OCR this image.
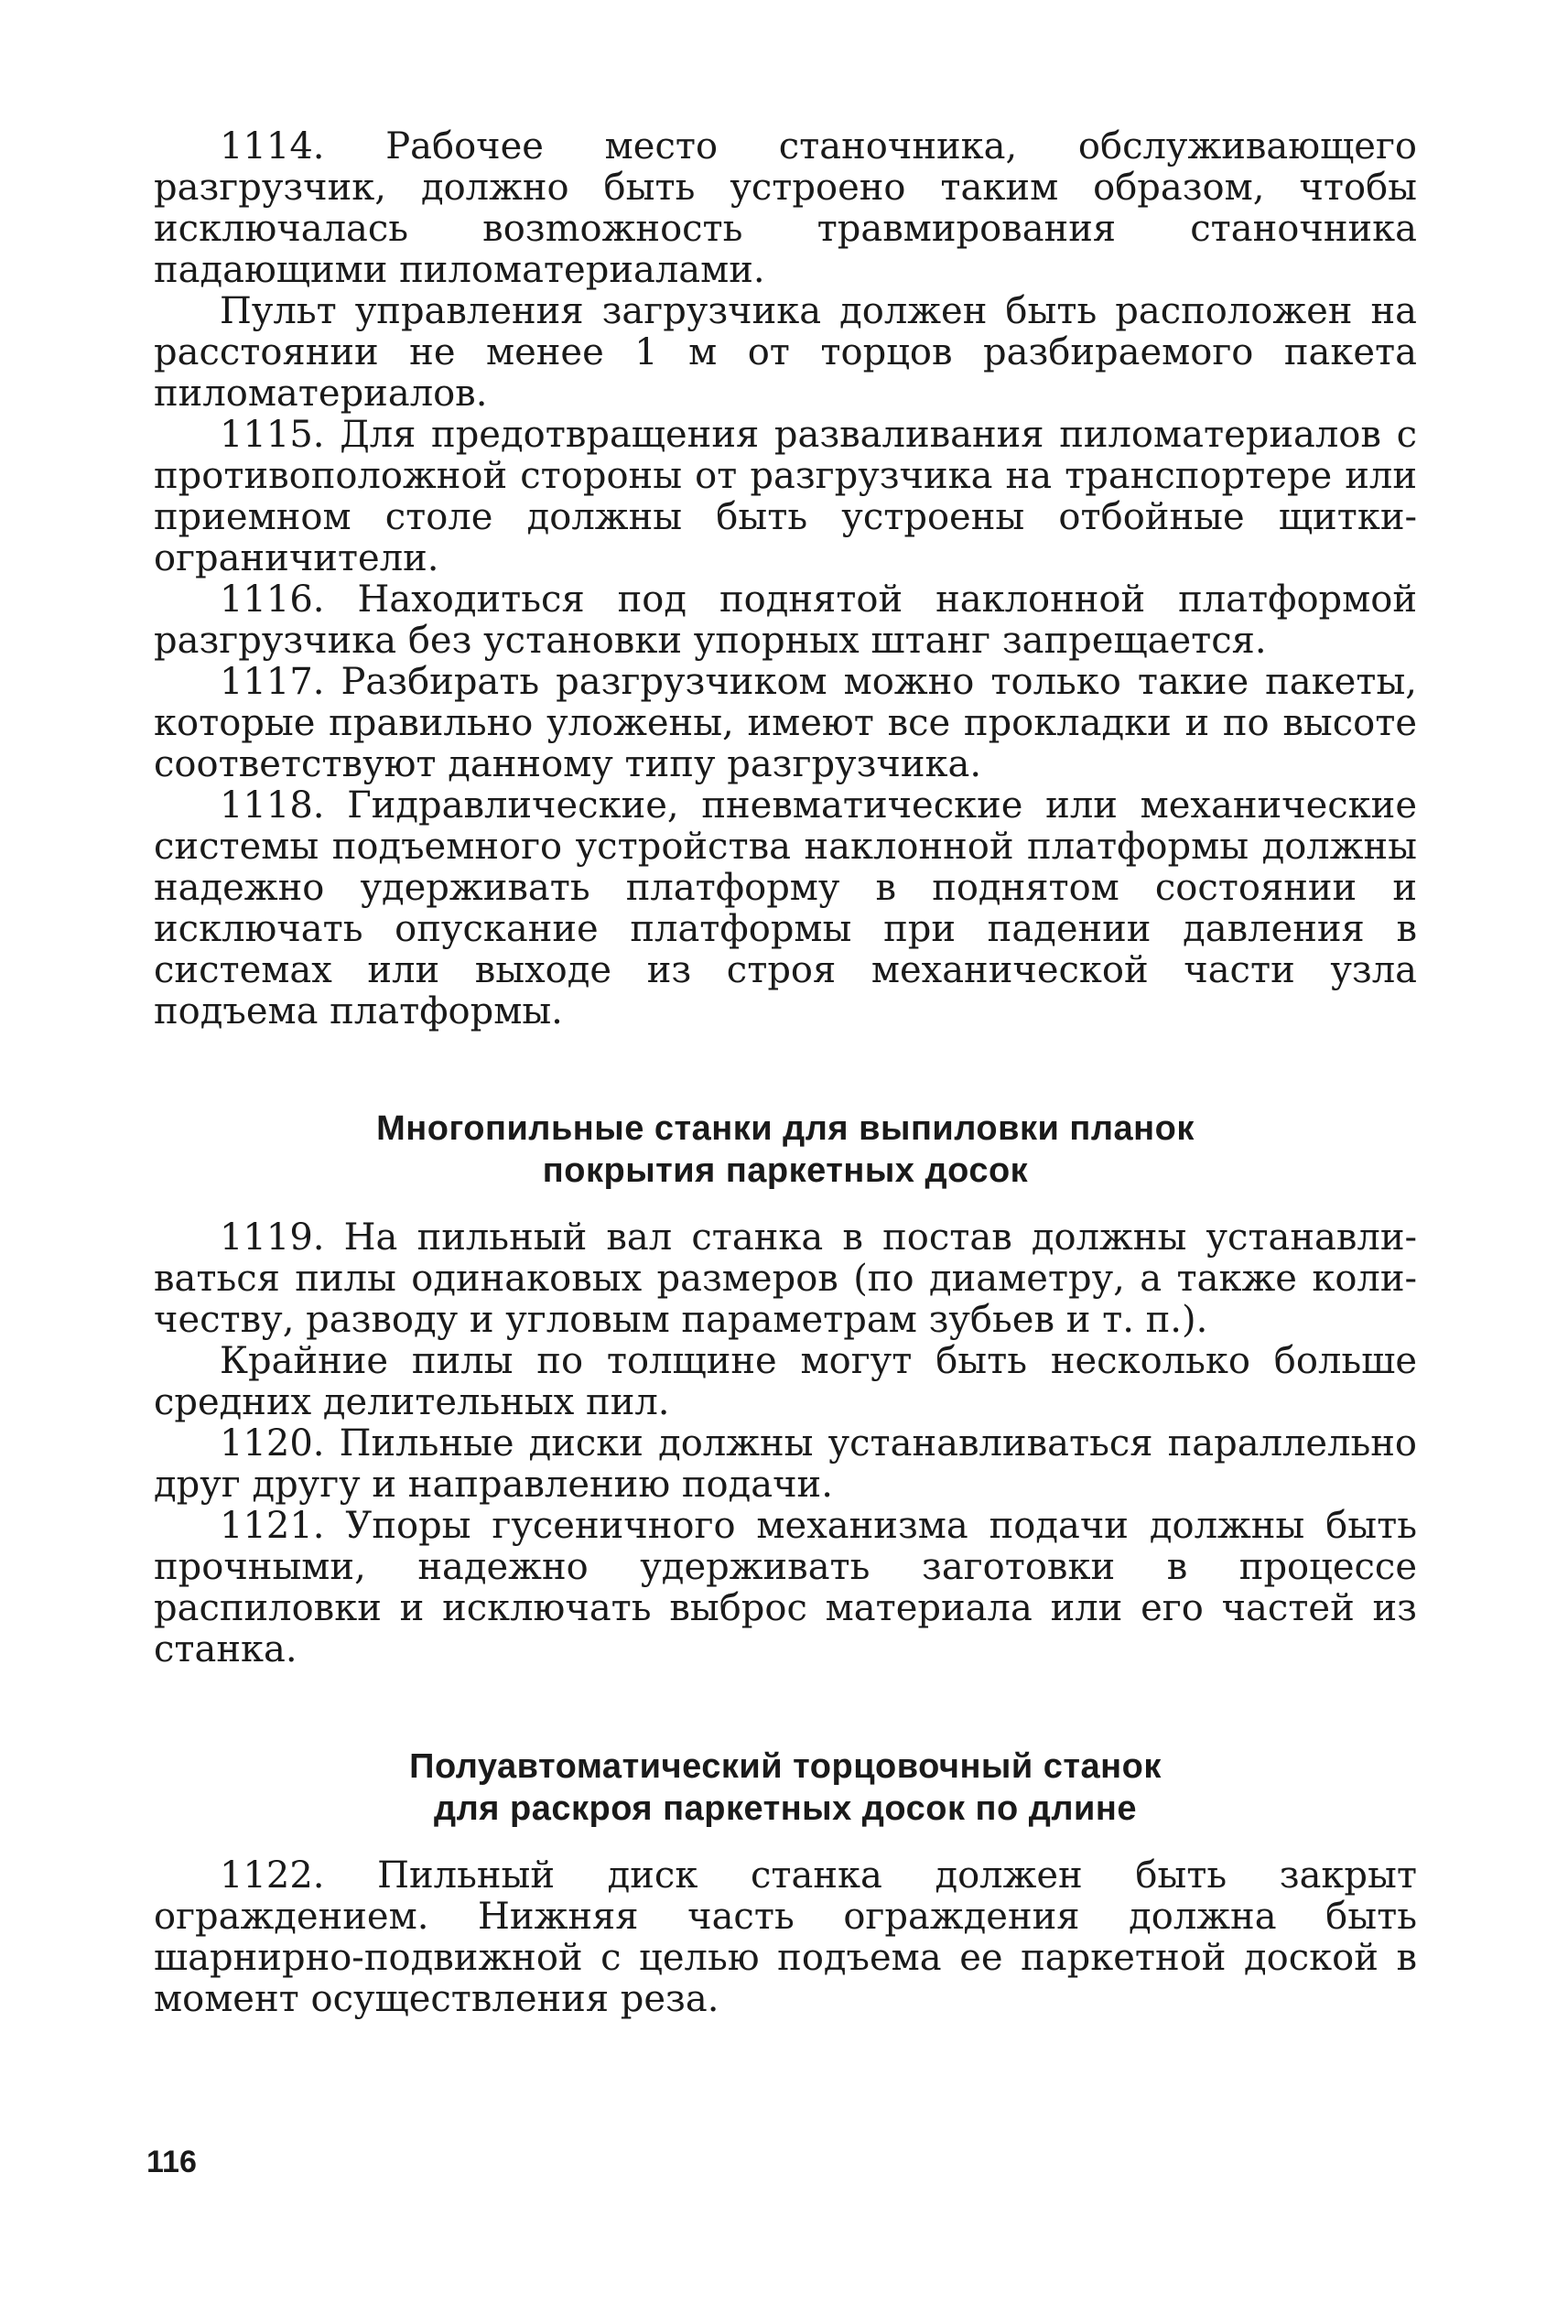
1114. Рабочее место станочника, обслуживающего разгрузчик, должно быть устроено таким образом, чтобы исключалась возmожность травмирования станочника падающими пиломатериалами.

Пульт управления загрузчика должен быть расположен на расстоянии не менее 1 м от торцов разбираемого пакета пиломатериалов.

1115. Для предотвращения разваливания пиломатериалов с противоположной стороны от разгрузчика на транспортере или приемном столе должны быть устроены отбойные щитки-ограничители.

1116. Находиться под поднятой наклонной платформой разгрузчика без установки упорных штанг запрещается.

1117. Разбирать разгрузчиком можно только такие пакеты, которые правильно уложены, имеют все прокладки и по высоте соответствуют данному типу разгрузчика.

1118. Гидравлические, пневматические или механические системы подъемного устройства наклонной платформы должны надежно удерживать платформу в поднятом состоянии и исключать опускание платформы при падении давления в системах или выходе из строя механической части узла подъема платформы.

Многопильные станки для выпиловки планок
покрытия паркетных досок

1119. На пильный вал станка в постав должны устанавливаться пилы одинаковых размеров (по диаметру, а также количеству, разводу и угловым параметрам зубьев и т. п.).

Крайние пилы по толщине могут быть несколько больше средних делительных пил.

1120. Пильные диски должны устанавливаться параллельно друг другу и направлению подачи.

1121. Упоры гусеничного механизма подачи должны быть прочными, надежно удерживать заготовки в процессе распиловки и исключать выброс материала или его частей из станка.

Полуавтоматический торцовочный станок
для раскроя паркетных досок по длине

1122. Пильный диск станка должен быть закрыт ограждением. Нижняя часть ограждения должна быть шарнирно-подвижной с целью подъема ее паркетной доской в момент осуществления реза.

116
